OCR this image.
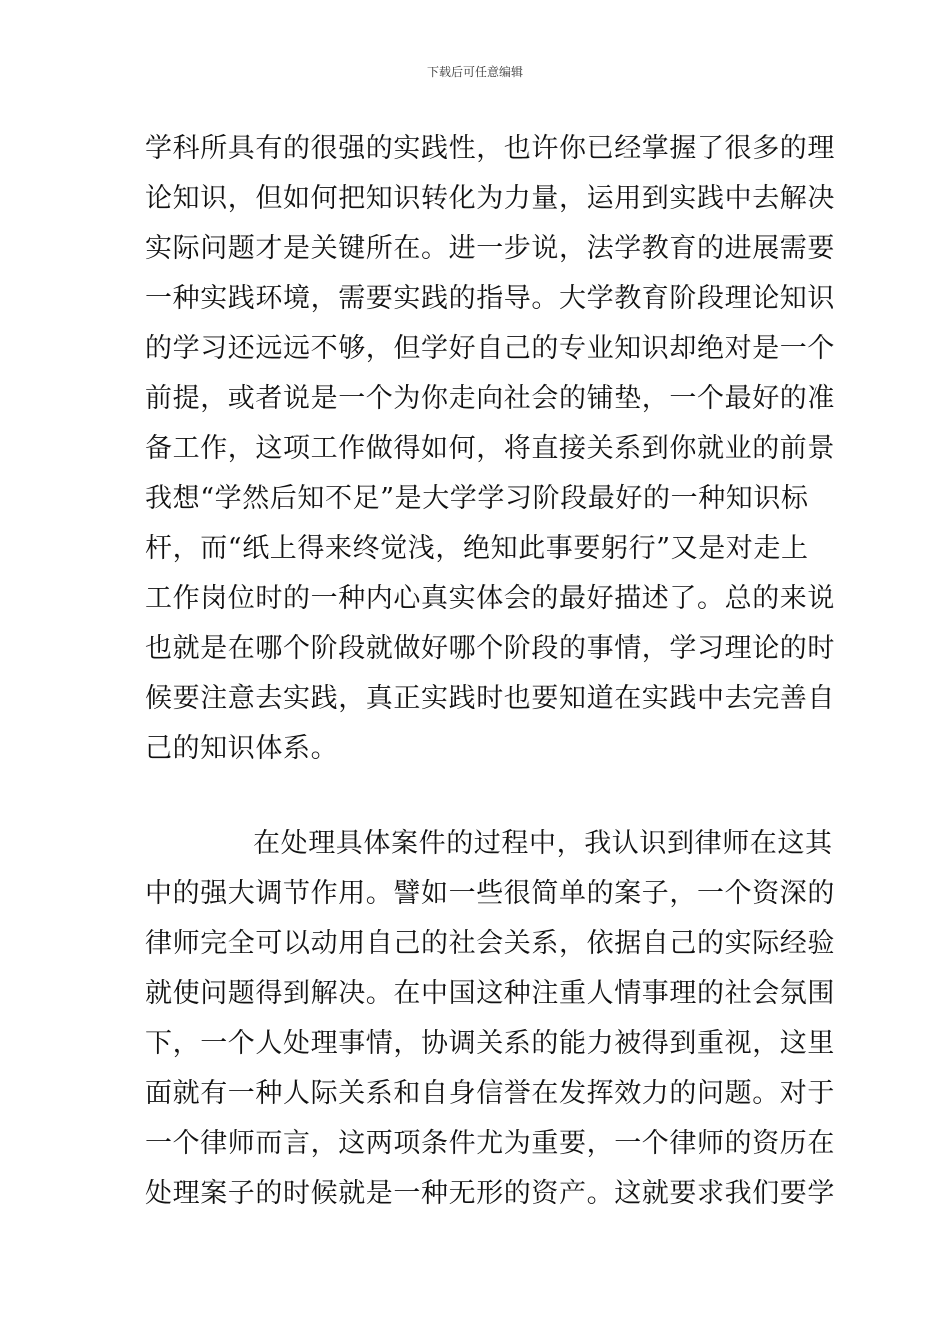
下载后可任意编辑
学科所具有的很强的实践性，也许你已经掌握了很多的理
论知识，但如何把知识转化为力量，运用到实践中去解决
实际问题才是关键所在。进一步说，法学教育的进展需要
一种实践环境，需要实践的指导。大学教育阶段理论知识
的学习还远远不够，但学好自己的专业知识却绝对是一个
前提，或者说是一个为你走向社会的铺垫，一个最好的准
备工作，这项工作做得如何，将直接关系到你就业的前景
我想“学然后知不足”是大学学习阶段最好的一种知识标
杆，而“纸上得来终觉浅，绝知此事要躬行”又是对走上
工作岗位时的一种内心真实体会的最好描述了。总的来说
也就是在哪个阶段就做好哪个阶段的事情，学习理论的时
候要注意去实践，真正实践时也要知道在实践中去完善自
己的知识体系。
在处理具体案件的过程中，我认识到律师在这其
中的强大调节作用。譬如一些很简单的案子，一个资深的
律师完全可以动用自己的社会关系，依据自己的实际经验
就使问题得到解决。在中国这种注重人情事理的社会氛围
下，一个人处理事情，协调关系的能力被得到重视，这里
面就有一种人际关系和自身信誉在发挥效力的问题。对于
一个律师而言，这两项条件尤为重要，一个律师的资历在
处理案子的时候就是一种无形的资产。这就要求我们要学
